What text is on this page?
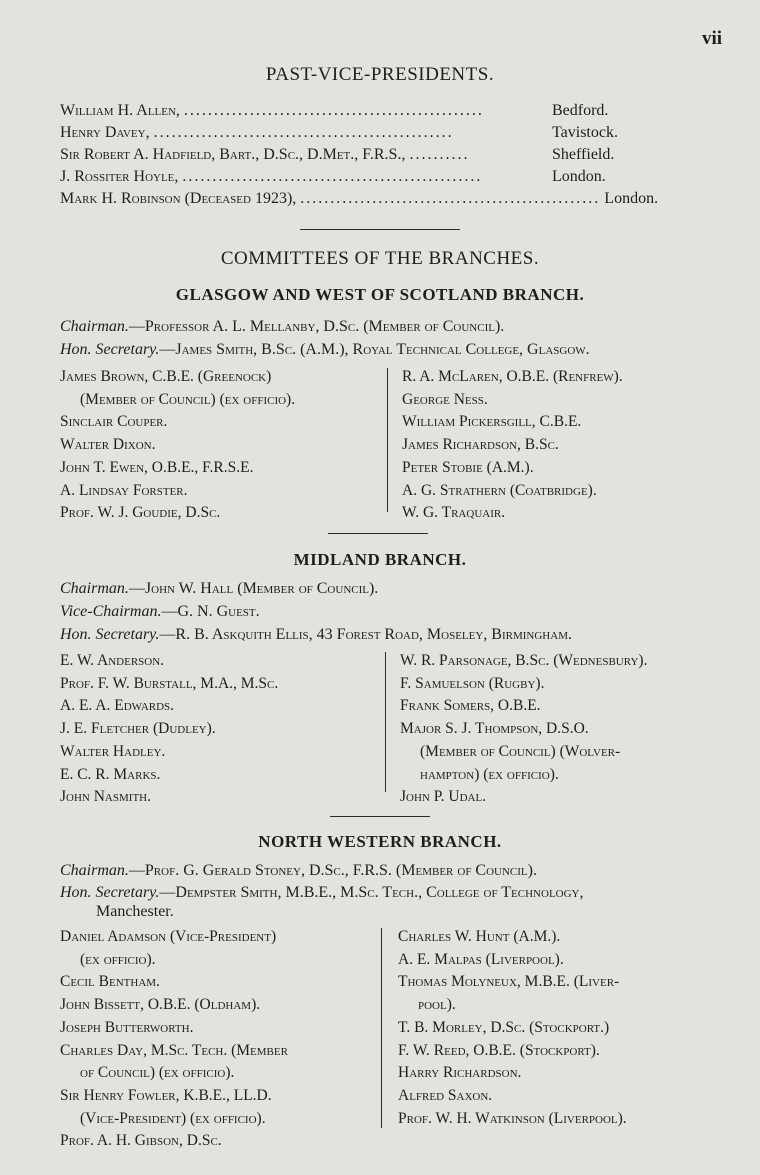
vii
PAST-VICE-PRESIDENTS.
William H. Allen, ..................................................	Bedford.
Henry Davey, ..................................................	Tavistock.
Sir Robert A. Hadfield, Bart., D.Sc., D.Met., F.R.S., ..........	Sheffield.
J. Rossiter Hoyle, ..................................................	London.
Mark H. Robinson (Deceased 1923), .................................................. London.
COMMITTEES OF THE BRANCHES.
GLASGOW AND WEST OF SCOTLAND BRANCH.
Chairman.—Professor A. L. Mellanby, D.Sc. (Member of Council).
Hon. Secretary.—James Smith, B.Sc. (A.M.), Royal Technical College, Glasgow.
James Brown, C.B.E. (Greenock)
(Member of Council) (ex officio).
Sinclair Couper.
Walter Dixon.
John T. Ewen, O.B.E., F.R.S.E.
A. Lindsay Forster.
Prof. W. J. Goudie, D.Sc.
R. A. McLaren, O.B.E. (Renfrew).
George Ness.
William Pickersgill, C.B.E.
James Richardson, B.Sc.
Peter Stobie (A.M.).
A. G. Strathern (Coatbridge).
W. G. Traquair.
MIDLAND BRANCH.
Chairman.—John W. Hall (Member of Council).
Vice-Chairman.—G. N. Guest.
Hon. Secretary.—R. B. Askquith Ellis, 43 Forest Road, Moseley, Birmingham.
E. W. Anderson.
Prof. F. W. Burstall, M.A., M.Sc.
A. E. A. Edwards.
J. E. Fletcher (Dudley).
Walter Hadley.
E. C. R. Marks.
John Nasmith.
W. R. Parsonage, B.Sc. (Wednesbury).
F. Samuelson (Rugby).
Frank Somers, O.B.E.
Major S. J. Thompson, D.S.O.
(Member of Council) (Wolver-
hampton) (ex officio).
John P. Udal.
NORTH WESTERN BRANCH.
Chairman.—Prof. G. Gerald Stoney, D.Sc., F.R.S. (Member of Council).
Hon. Secretary.—Dempster Smith, M.B.E., M.Sc. Tech., College of Technology,
Manchester.
Daniel Adamson (Vice-President)
(ex officio).
Cecil Bentham.
John Bissett, O.B.E. (Oldham).
Joseph Butterworth.
Charles Day, M.Sc. Tech. (Member
of Council) (ex officio).
Sir Henry Fowler, K.B.E., LL.D.
(Vice-President) (ex officio).
Prof. A. H. Gibson, D.Sc.
Charles W. Hunt (A.M.).
A. E. Malpas (Liverpool).
Thomas Molyneux, M.B.E. (Liver-
pool).
T. B. Morley, D.Sc. (Stockport.)
F. W. Reed, O.B.E. (Stockport).
Harry Richardson.
Alfred Saxon.
Prof. W. H. Watkinson (Liverpool).
